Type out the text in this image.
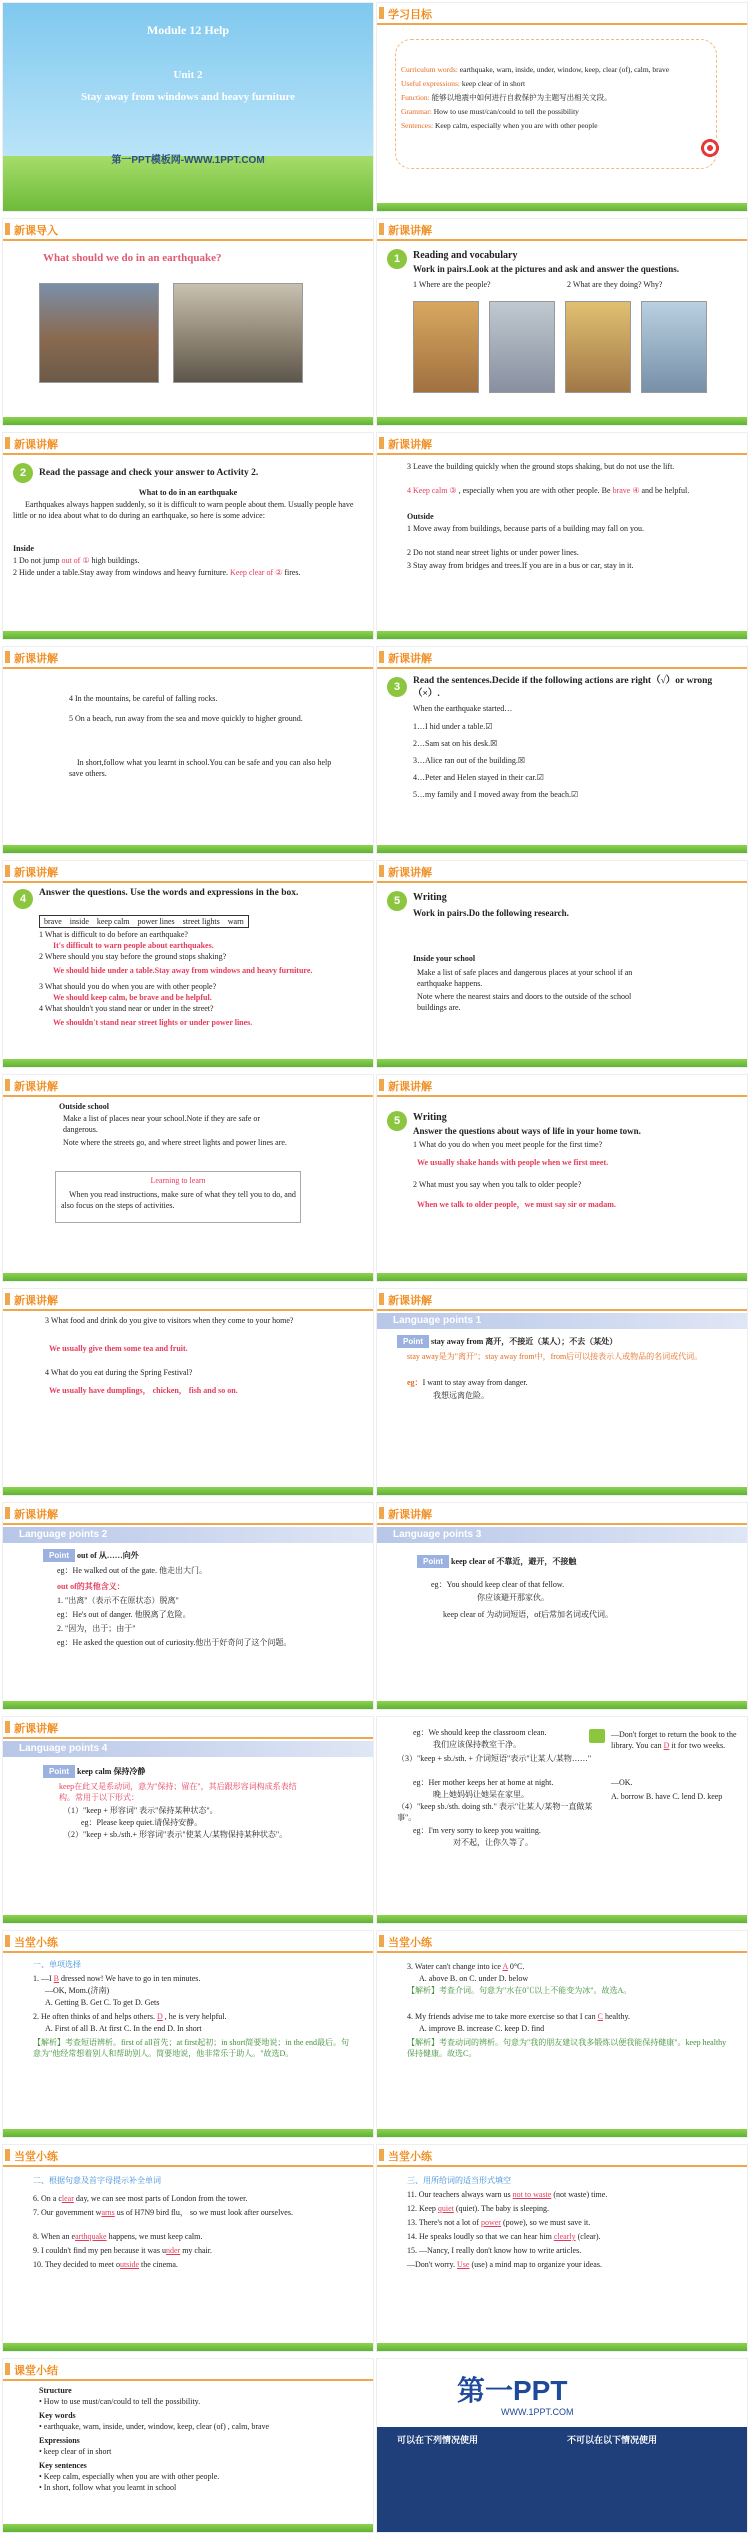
Module 12 Help
Unit 2
Stay away from windows and heavy furniture
第一PPT模板网-WWW.1PPT.COM
学习目标
Curriculum words: earthquake, warn, inside, under, window, keep, clear (of), calm, brave
Useful expressions: keep clear of in short
Function: 能够以地震中如何进行自救保护为主题写出相关文段。
Grammar: How to use must/can/could to tell the possibility
Sentences: Keep calm, especially when you are with other people
新课导入
What should we do in an earthquake?
新课讲解
1	Reading and vocabulary
Work in pairs.Look at the pictures and ask and answer the questions.
1 Where are the people?	2 What are they doing? Why?
新课讲解
2	Read the passage and check your answer to Activity 2.
What to do in an earthquake
Earthquakes always happen suddenly, so it is difficult to warn people about them. Usually people have little or no idea about what to do during an earthquake, so here is some advice:
Inside
1 Do not jump out of ① high buildings.
2 Hide under a table.Stay away from windows and heavy furniture. Keep clear of ② fires.
新课讲解
3 Leave the building quickly when the ground stops shaking, but do not use the lift.
4 Keep calm ③ , especially when you are with other people. Be brave ④ and be helpful.
Outside
1 Move away from buildings, because parts of a building may fall on you.
2 Do not stand near street lights or under power lines.
3 Stay away from bridges and trees.If you are in a bus or car, stay in it.
新课讲解
4 In the mountains, be careful of falling rocks.
5 On a beach, run away from the sea and move quickly to higher ground.
In short,follow what you learnt in school.You can be safe and you can also help save others.
新课讲解
3	Read the sentences.Decide if the following actions are right（√）or wrong（×）.
When the earthquake started…
1…I hid under a table.☑
2…Sam sat on his desk.☒
3…Alice ran out of the building.☒
4…Peter and Helen stayed in their car.☑
5…my family and I moved away from the beach.☑
新课讲解
4	Answer the questions. Use the words and expressions in the box.
brave inside keep calm power lines street lights warn
1 What is difficult to do before an earthquake?
It's difficult to warn people about earthquakes.
2 Where should you stay before the ground stops shaking?
We should hide under a table.Stay away from windows and heavy furniture.
3 What should you do when you are with other people?
We should keep calm, be brave and be helpful.
4 What shouldn't you stand near or under in the street?
We shouldn't stand near street lights or under power lines.
新课讲解
5	Writing
Work in pairs.Do the following research.
Inside your school
Make a list of safe places and dangerous places at your school if an earthquake happens.
Note where the nearest stairs and doors to the outside of the school buildings are.
新课讲解
Outside school
Make a list of places near your school.Note if they are safe or dangerous.
Note where the streets go, and where street lights and power lines are.
Learning to learn
When you read instructions, make sure of what they tell you to do, and also focus on the steps of activities.
新课讲解
5	Writing
Answer the questions about ways of life in your home town.
1 What do you do when you meet people for the first time?
We usually shake hands with people when we first meet.
2 What must you say when you talk to older people?
When we talk to older people，we must say sir or madam.
新课讲解
3 What food and drink do you give to visitors when they come to your home?
We usually give them some tea and fruit.
4 What do you eat during the Spring Festival?
We usually have dumplings， chicken， fish and so on.
新课讲解
Language points 1
Point stay away from 离开，不接近（某人）；不去（某处）
stay away是为"离开"；stay away from中，from后可以接表示人或物品的名词或代词。
eg：I want to stay away from danger.
我想远离危险。
新课讲解
Language points 2
Point out of 从……向外
eg：He walked out of the gate. 他走出大门。
out of的其他含义：
1. "出离"（表示不在原状态）脱离"
eg：He's out of danger. 他脱离了危险。
2. "因为，出于；由于"
eg：He asked the question out of curiosity.他出于好奇问了这个问题。
新课讲解
Language points 3
Point keep clear of 不靠近，避开，不接触
eg：You should keep clear of that fellow.
你应该避开那家伙。
keep clear of 为动词短语，of后常加名词或代词。
新课讲解
Language points 4
Point keep calm 保持冷静
keep在此又是系动词，意为"保持；留在"，其后跟形容词构成系表结构。常用于以下形式：
（1）"keep + 形容词" 表示"保持某种状态"。
eg：Please keep quiet.请保持安静。
（2）"keep + sb./sth.+ 形容词"表示"使某人/某物保持某种状态"。
eg：We should keep the classroom clean.
我们应该保持教室干净。
（3）"keep + sb./sth. + 介词短语"表示"让某人/某物……"
eg：Her mother keeps her at home at night.
晚上她妈妈让她呆在家里。
（4）"keep sb./sth. doing sth." 表示"让某人/某物一直做某事"。
eg：I'm very sorry to keep you waiting.
对不起，让你久等了。
—Don't forget to return the book to the library. You can D it for two weeks.
—OK.
A. borrow B. have C. lend D. keep
当堂小练
一、单项选择
1. —I B dressed now! We have to go in ten minutes.
—OK, Mom.(济南)
A. Getting B. Get C. To get D. Gets
2. He often thinks of and helps others. D , he is very helpful.
A. First of all B. At first C. In the end D. In short
【解析】考查短语辨析。first of all首先；at first起初；in short简要地说；in the end最后。句意为"他经常想着别人和帮助别人。简要地说，他非常乐于助人。"故选D。
当堂小练
3. Water can't change into ice A 0°C.
A. above B. on C. under D. below
【解析】考查介词。句意为"水在0℃以上不能变为冰"。故选A。
4. My friends advise me to take more exercise so that I can C healthy.
A. improve B. increase C. keep D. find
【解析】考查动词的辨析。句意为"我的朋友建议我多锻炼以便我能保持健康"。keep healthy保持健康。故选C。
当堂小练
二、根据句意及首字母提示补全单词
6. On a clear day, we can see most parts of London from the tower.
7. Our government warns us of H7N9 bird flu， so we must look after ourselves.
8. When an earthquake happens, we must keep calm.
9. I couldn't find my pen because it was under my chair.
10. They decided to meet outside the cinema.
当堂小练
三、用所给词的适当形式填空
11. Our teachers always warn us not to waste (not waste) time.
12. Keep quiet (quiet). The baby is sleeping.
13. There's not a lot of power (powe), so we must save it.
14. He speaks loudly so that we can hear him clearly (clear).
15. —Nancy, I really don't know how to write articles.
—Don't worry. Use (use) a mind map to organize your ideas.
课堂小结
Structure
• How to use must/can/could to tell the possibility.
Key words
• earthquake, warn, inside, under, window, keep, clear (of) , calm, brave
Expressions
• keep clear of in short
Key sentences
• Keep calm, especially when you are with other people.
• In short, follow what you learnt in school
第一PPT
WWW.1PPT.COM
可以在下列情况使用	不可以在以下情况使用
